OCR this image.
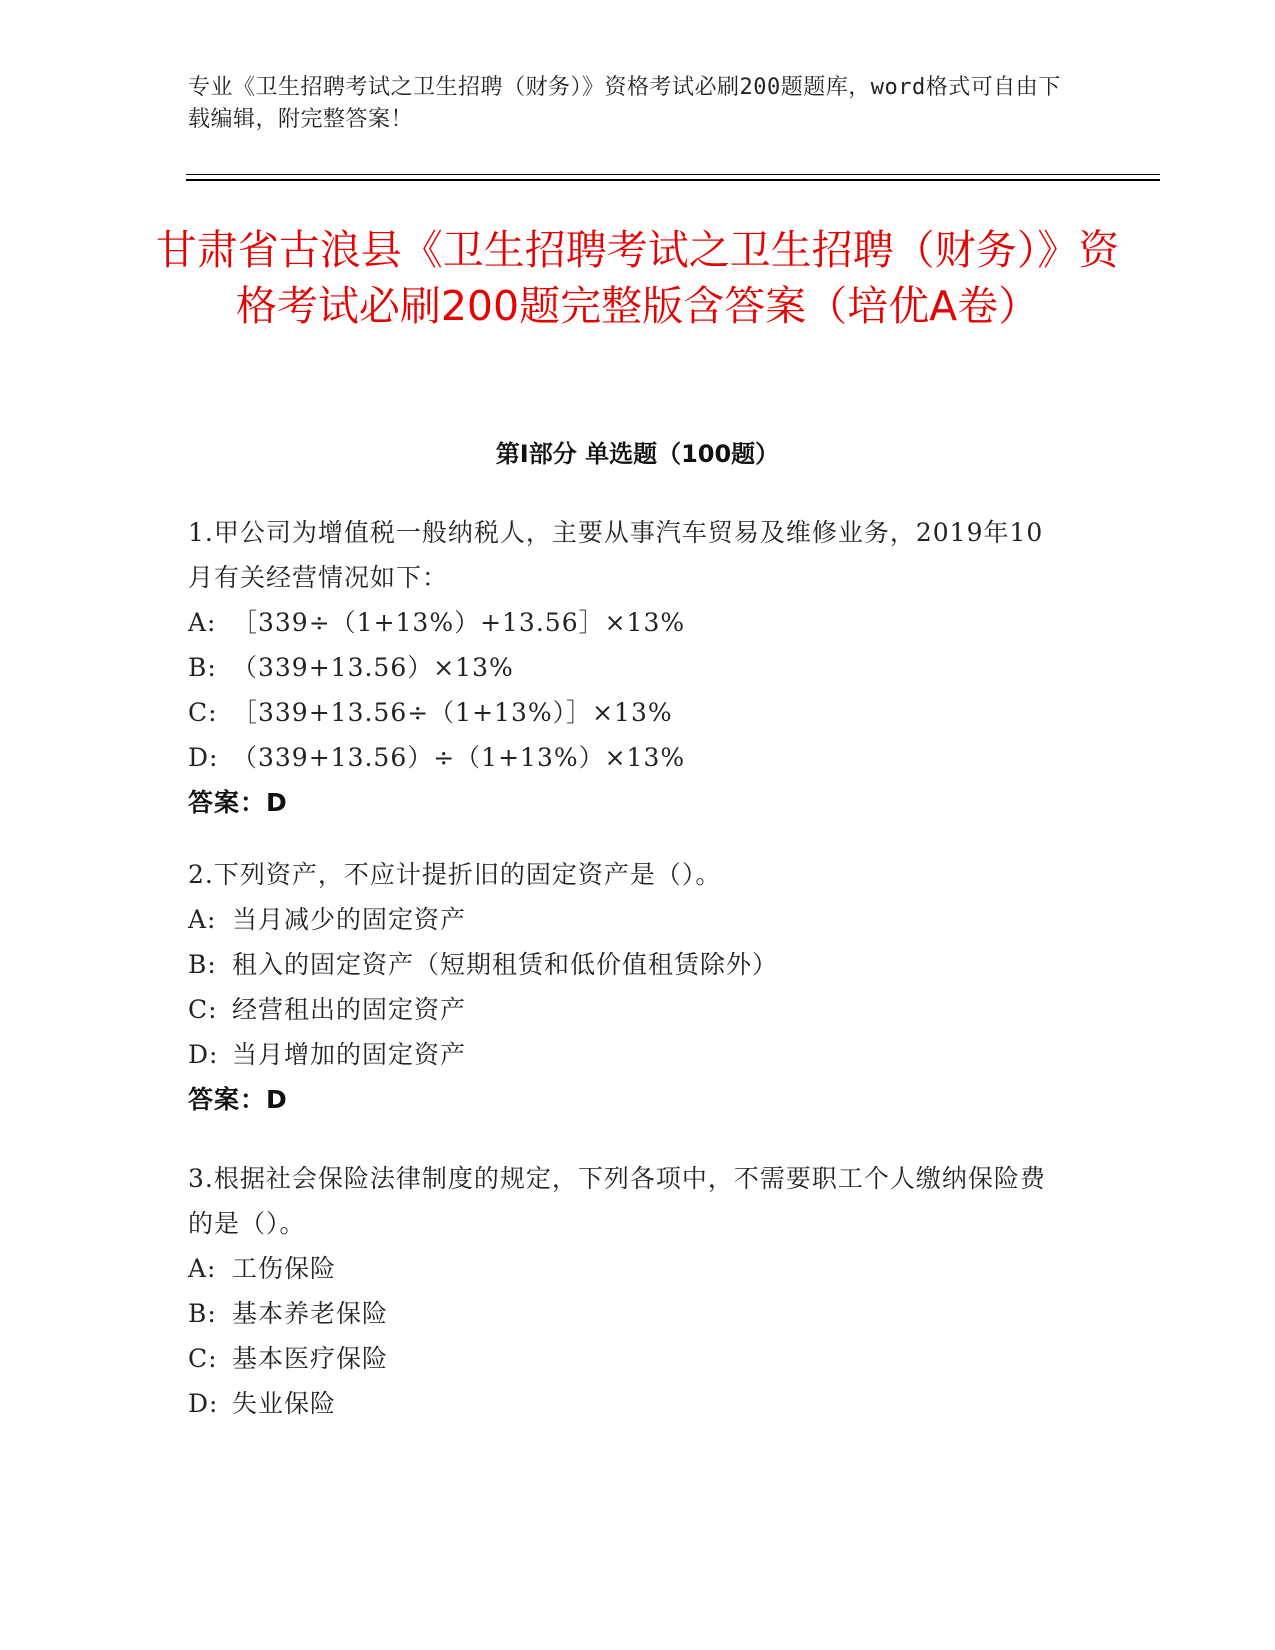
专业《卫生招聘考试之卫生招聘（财务）》资格考试必刷200题题库，word格式可自由下载编辑，附完整答案！
甘肃省古浪县《卫生招聘考试之卫生招聘（财务）》资格考试必刷200题完整版含答案（培优A卷）
第I部分 单选题（100题）

1.甲公司为增值税一般纳税人，主要从事汽车贸易及维修业务，2019年10月有关经营情况如下：

A: ［339÷（1+13%）+13.56］×13%
B: （339+13.56）×13%
C: ［339+13.56÷（1+13%）］×13%
D: （339+13.56）÷（1+13%）×13%
答案：D

2.下列资产，不应计提折旧的固定资产是（）。

A: 当月减少的固定资产
B: 租入的固定资产（短期租赁和低价值租赁除外）
C: 经营租出的固定资产
D: 当月增加的固定资产
答案：D

3.根据社会保险法律制度的规定，下列各项中，不需要职工个人缴纳保险费的是（）。

A: 工伤保险
B: 基本养老保险
C: 基本医疗保险
D: 失业保险
